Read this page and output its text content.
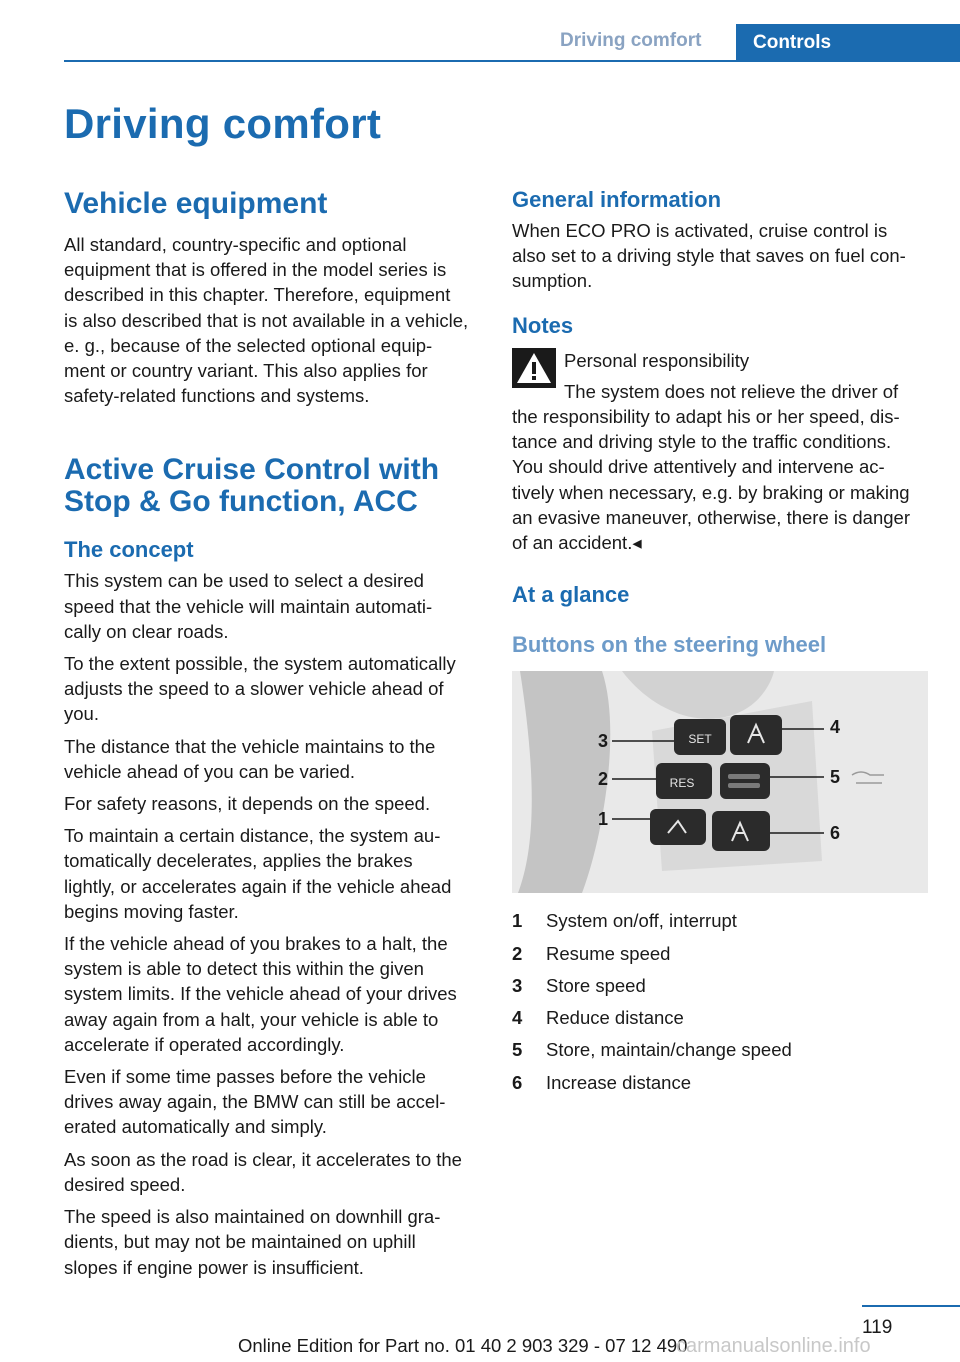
Driving comfort	Controls
Driving comfort
Vehicle equipment

All standard, country-specific and optional
equipment that is offered in the model series is
described in this chapter. Therefore, equipment
is also described that is not available in a vehicle,
e. g., because of the selected optional equip-
ment or country variant. This also applies for
safety-related functions and systems.

Active Cruise Control with
Stop & Go function, ACC
The concept

This system can be used to select a desired
speed that the vehicle will maintain automati-
cally on clear roads.

To the extent possible, the system automatically
adjusts the speed to a slower vehicle ahead of
you.

The distance that the vehicle maintains to the
vehicle ahead of you can be varied.

For safety reasons, it depends on the speed.

To maintain a certain distance, the system au-
tomatically decelerates, applies the brakes
lightly, or accelerates again if the vehicle ahead
begins moving faster.

If the vehicle ahead of you brakes to a halt, the
system is able to detect this within the given
system limits. If the vehicle ahead of your drives
away again from a halt, your vehicle is able to
accelerate if operated accordingly.

Even if some time passes before the vehicle
drives away again, the BMW can still be accel-
erated automatically and simply.

As soon as the road is clear, it accelerates to the
desired speed.

The speed is also maintained on downhill gra-
dients, but may not be maintained on uphill
slopes if engine power is insufficient.

General information

When ECO PRO is activated, cruise control is
also set to a driving style that saves on fuel con-
sumption.

Notes

Personal responsibility

The system does not relieve the driver of

the responsibility to adapt his or her speed, dis-
tance and driving style to the traffic conditions.
You should drive attentively and intervene ac-
tively when necessary, e.g. by braking or making
an evasive maneuver, otherwise, there is danger
of an accident.◂

At a glance
Buttons on the steering wheel
SET
RES
3
2
1
4
5
6
1	System on/off, interrupt
2	Resume speed
3	Store speed
4	Reduce distance
5	Store, maintain/change speed
6	Increase distance
119
Online Edition for Part no. 01 40 2 903 329 - 07 12 490
carmanualsonline.info
